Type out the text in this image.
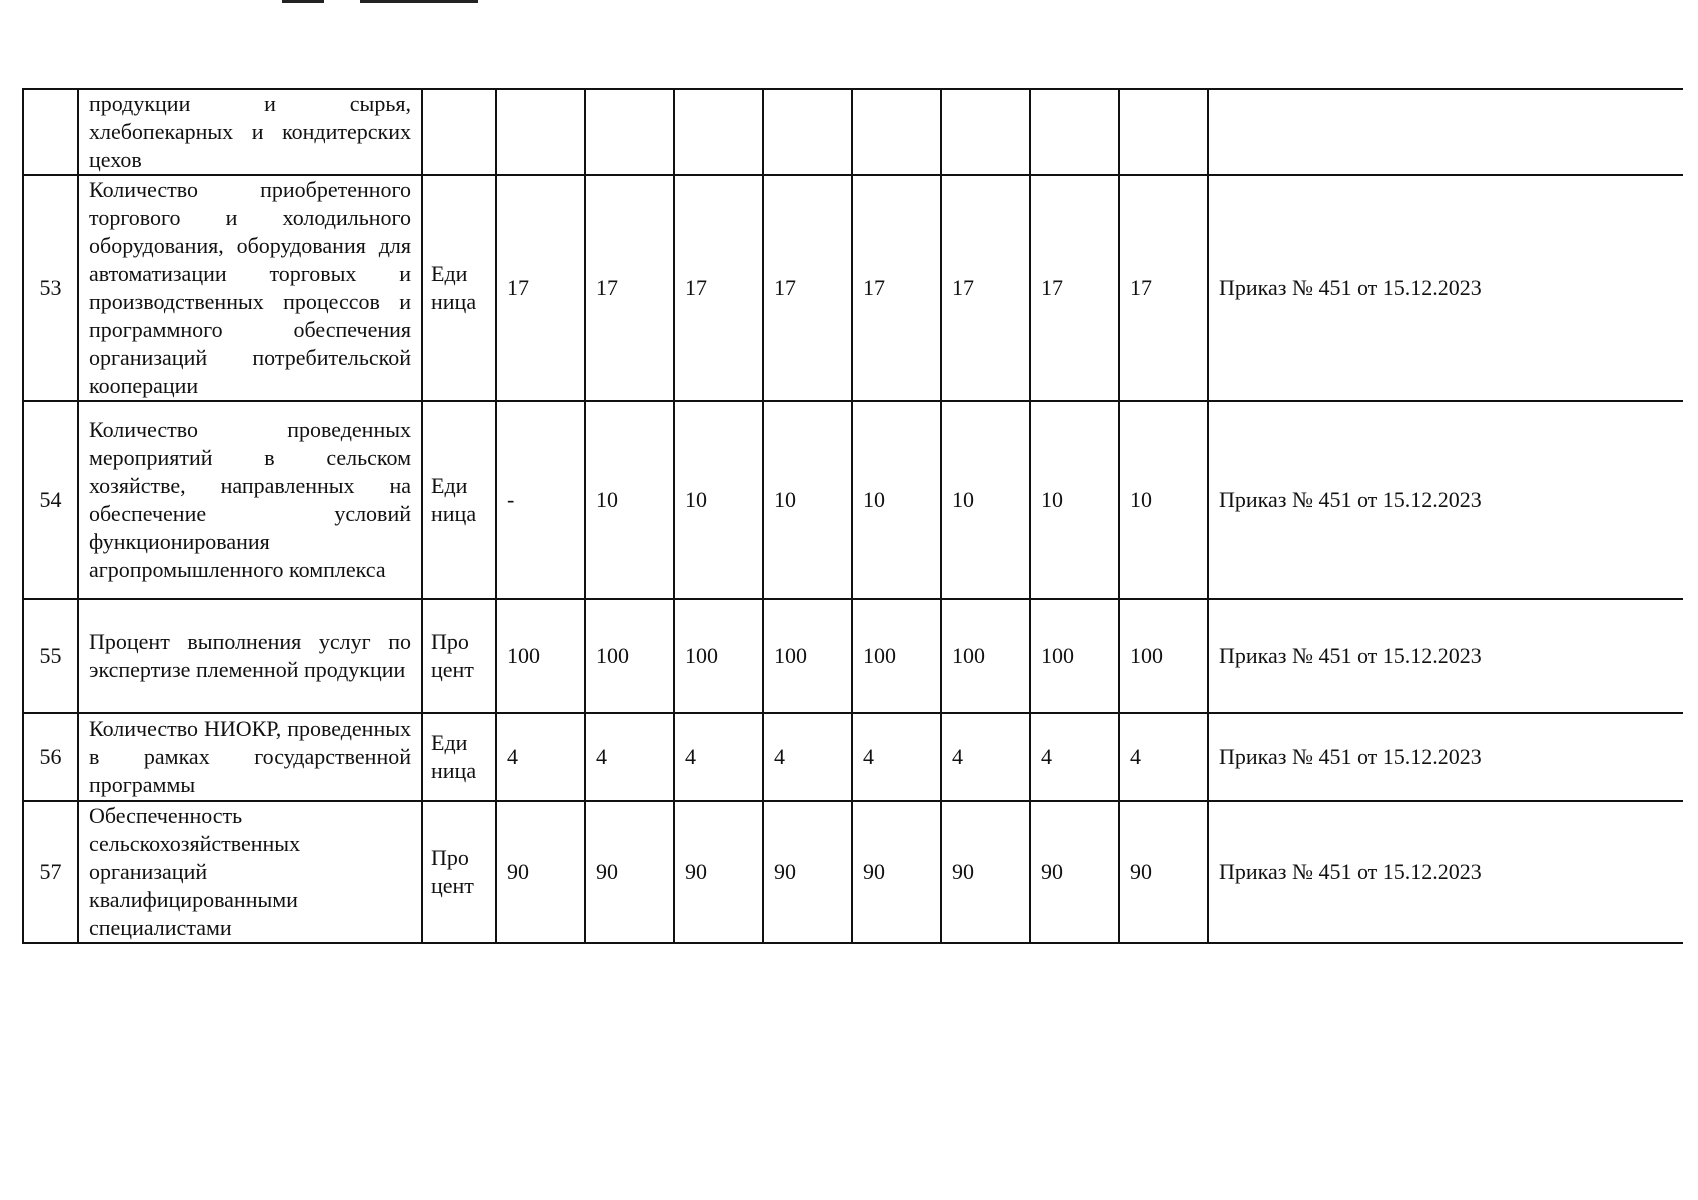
	продукции и сырья, хлебопекарных и кондитерских цехов										
53	Количество приобретенного торгового и холодильного оборудования, оборудования для автоматизации торговых и производственных процессов и программного обеспечения организаций потребительской кооперации	Еди ница	17	17	17	17	17	17	17	17	Приказ № 451 от 15.12.2023
54	Количество проведенных мероприятий в сельском хозяйстве, направленных на обеспечение условий функционирования агропромышленного комплекса	Еди ница	-	10	10	10	10	10	10	10	Приказ № 451 от 15.12.2023
55	Процент выполнения услуг по экспертизе племенной продукции	Про цент	100	100	100	100	100	100	100	100	Приказ № 451 от 15.12.2023
56	Количество НИОКР, проведенных в рамках государственной программы	Еди ница	4	4	4	4	4	4	4	4	Приказ № 451 от 15.12.2023
57	Обеспеченность сельскохозяйственных организаций квалифицированными специалистами	Про цент	90	90	90	90	90	90	90	90	Приказ № 451 от 15.12.2023
